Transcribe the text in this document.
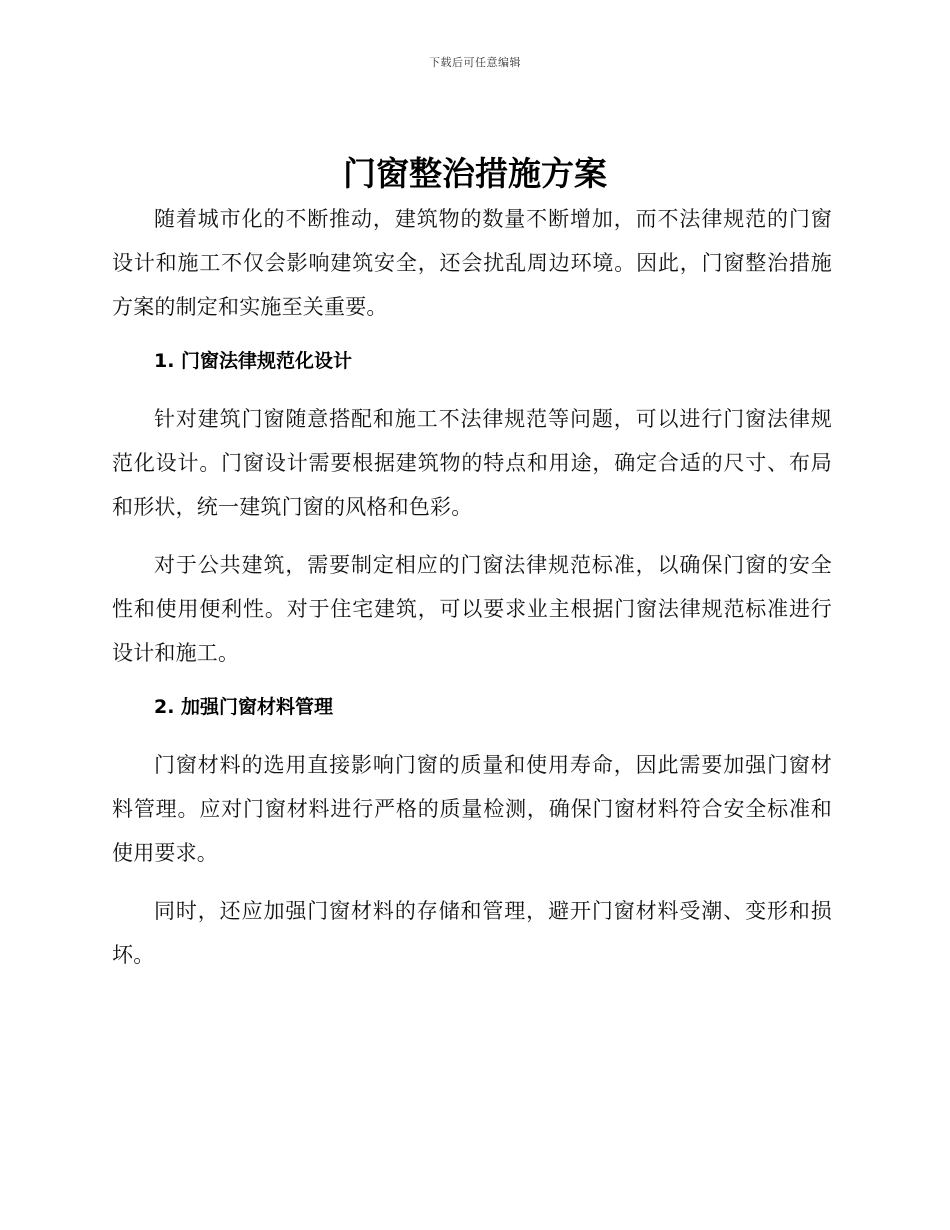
下载后可任意编辑
门窗整治措施方案

随着城市化的不断推动，建筑物的数量不断增加，而不法律规范的门窗设计和施工不仅会影响建筑安全，还会扰乱周边环境。因此，门窗整治措施方案的制定和实施至关重要。

1. 门窗法律规范化设计

针对建筑门窗随意搭配和施工不法律规范等问题，可以进行门窗法律规范化设计。门窗设计需要根据建筑物的特点和用途，确定合适的尺寸、布局和形状，统一建筑门窗的风格和色彩。

对于公共建筑，需要制定相应的门窗法律规范标准，以确保门窗的安全性和使用便利性。对于住宅建筑，可以要求业主根据门窗法律规范标准进行设计和施工。

2. 加强门窗材料管理

门窗材料的选用直接影响门窗的质量和使用寿命，因此需要加强门窗材料管理。应对门窗材料进行严格的质量检测，确保门窗材料符合安全标准和使用要求。

同时，还应加强门窗材料的存储和管理，避开门窗材料受潮、变形和损坏。
